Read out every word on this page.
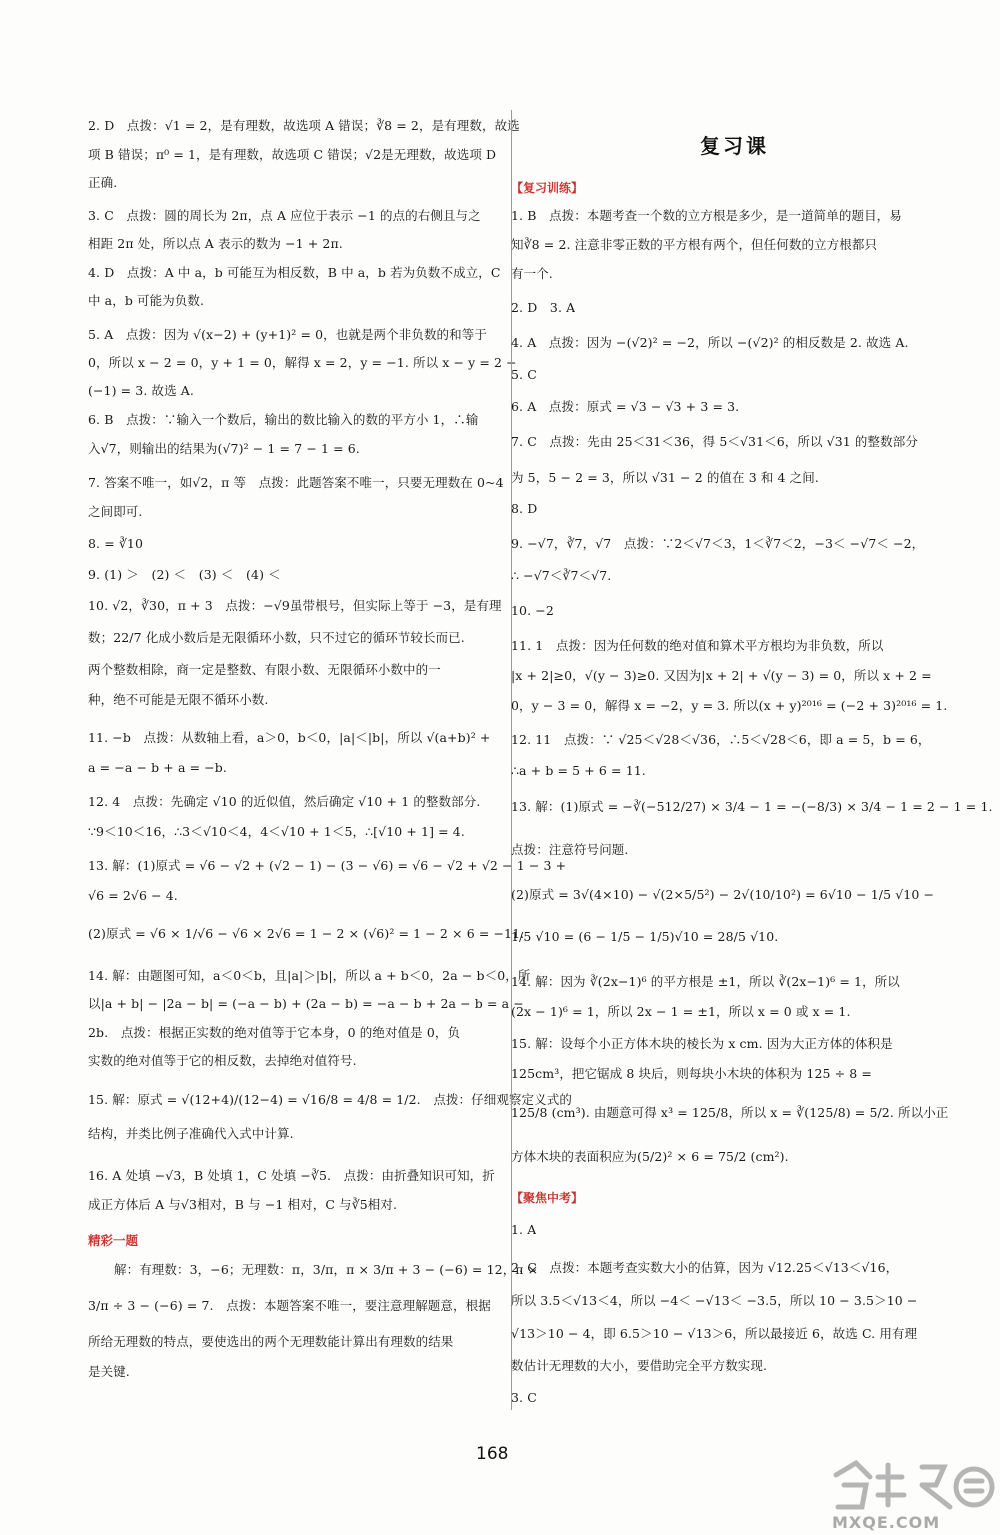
2. D　点拨：√1 = 2，是有理数，故选项 A 错误；∛8 = 2，是有理数，故选
项 B 错误；π⁰ = 1，是有理数，故选项 C 错误；√2是无理数，故选项 D
正确.
3. C　点拨：圆的周长为 2π，点 A 应位于表示 −1 的点的右侧且与之
相距 2π 处，所以点 A 表示的数为 −1 + 2π.
4. D　点拨：A 中 a，b 可能互为相反数，B 中 a，b 若为负数不成立，C
中 a，b 可能为负数.
5. A　点拨：因为 √(x−2) + (y+1)² = 0，也就是两个非负数的和等于
0，所以 x − 2 = 0，y + 1 = 0，解得 x = 2，y = −1. 所以 x − y = 2 −
(−1) = 3. 故选 A.
6. B　点拨：∵输入一个数后，输出的数比输入的数的平方小 1，∴输
入√7，则输出的结果为(√7)² − 1 = 7 − 1 = 6.
7. 答案不唯一，如√2，π 等　点拨：此题答案不唯一，只要无理数在 0~4
之间即可.
8. = ∛10
9. (1) ＞　(2) ＜　(3) ＜　(4) ＜
10. √2，∛30，π + 3　点拨：−√9虽带根号，但实际上等于 −3，是有理
数；22/7 化成小数后是无限循环小数，只不过它的循环节较长而已.
两个整数相除，商一定是整数、有限小数、无限循环小数中的一
种，绝不可能是无限不循环小数.
11. −b　点拨：从数轴上看，a＞0，b＜0，|a|＜|b|，所以 √(a+b)² +
a = −a − b + a = −b.
12. 4　点拨：先确定 √10 的近似值，然后确定 √10 + 1 的整数部分.
∵9＜10＜16，∴3＜√10＜4，4＜√10 + 1＜5，∴[√10 + 1] = 4.
13. 解：(1)原式 = √6 − √2 + (√2 − 1) − (3 − √6) = √6 − √2 + √2 − 1 − 3 +
√6 = 2√6 − 4.
(2)原式 = √6 × 1/√6 − √6 × 2√6 = 1 − 2 × (√6)² = 1 − 2 × 6 = −11.
14. 解：由题图可知，a＜0＜b，且|a|＞|b|，所以 a + b＜0，2a − b＜0，所
以|a + b| − |2a − b| = (−a − b) + (2a − b) = −a − b + 2a − b = a −
2b.　点拨：根据正实数的绝对值等于它本身，0 的绝对值是 0，负
实数的绝对值等于它的相反数，去掉绝对值符号.
15. 解：原式 = √(12+4)/(12−4) = √16/8 = 4/8 = 1/2.　点拨：仔细观察定义式的
结构，并类比例子准确代入式中计算.
16. A 处填 −√3，B 处填 1，C 处填 −∛5.　点拨：由折叠知识可知，折
成正方体后 A 与√3相对，B 与 −1 相对，C 与∛5相对.
精彩一题
解：有理数：3，−6；无理数：π，3/π，π × 3/π + 3 − (−6) = 12，π ×
3/π ÷ 3 − (−6) = 7.　点拨：本题答案不唯一，要注意理解题意，根据
所给无理数的特点，要使选出的两个无理数能计算出有理数的结果
是关键.
复习课
【复习训练】
1. B　点拨：本题考查一个数的立方根是多少，是一道简单的题目，易
知∛8 = 2. 注意非零正数的平方根有两个，但任何数的立方根都只
有一个.
2. D　3. A
4. A　点拨：因为 −(√2)² = −2，所以 −(√2)² 的相反数是 2. 故选 A.
5. C
6. A　点拨：原式 = √3 − √3 + 3 = 3.
7. C　点拨：先由 25＜31＜36，得 5＜√31＜6，所以 √31 的整数部分
为 5，5 − 2 = 3，所以 √31 − 2 的值在 3 和 4 之间.
8. D
9. −√7，∛7，√7　点拨：∵2＜√7＜3，1＜∛7＜2，−3＜ −√7＜ −2，
∴ −√7＜∛7＜√7.
10. −2
11. 1　点拨：因为任何数的绝对值和算术平方根均为非负数，所以
|x + 2|≥0，√(y − 3)≥0. 又因为|x + 2| + √(y − 3) = 0，所以 x + 2 =
0，y − 3 = 0，解得 x = −2，y = 3. 所以(x + y)²⁰¹⁶ = (−2 + 3)²⁰¹⁶ = 1.
12. 11　点拨：∵ √25＜√28＜√36，∴5＜√28＜6，即 a = 5，b = 6，
∴a + b = 5 + 6 = 11.
13. 解：(1)原式 = −∛(−512/27) × 3/4 − 1 = −(−8/3) × 3/4 − 1 = 2 − 1 = 1.
点拨：注意符号问题.
(2)原式 = 3√(4×10) − √(2×5/5²) − 2√(10/10²) = 6√10 − 1/5 √10 −
1/5 √10 = (6 − 1/5 − 1/5)√10 = 28/5 √10.
14. 解：因为 ∛(2x−1)⁶ 的平方根是 ±1，所以 ∛(2x−1)⁶ = 1，所以
(2x − 1)⁶ = 1，所以 2x − 1 = ±1，所以 x = 0 或 x = 1.
15. 解：设每个小正方体木块的棱长为 x cm. 因为大正方体的体积是
125cm³，把它锯成 8 块后，则每块小木块的体积为 125 ÷ 8 =
125/8 (cm³). 由题意可得 x³ = 125/8，所以 x = ∛(125/8) = 5/2. 所以小正
方体木块的表面积应为(5/2)² × 6 = 75/2 (cm²).
【聚焦中考】
1. A
2. C　点拨：本题考查实数大小的估算，因为 √12.25＜√13＜√16，
所以 3.5＜√13＜4，所以 −4＜ −√13＜ −3.5，所以 10 − 3.5＞10 −
√13＞10 − 4，即 6.5＞10 − √13＞6，所以最接近 6，故选 C. 用有理
数估计无理数的大小，要借助完全平方数实现.
3. C
168
MXQE.COM
